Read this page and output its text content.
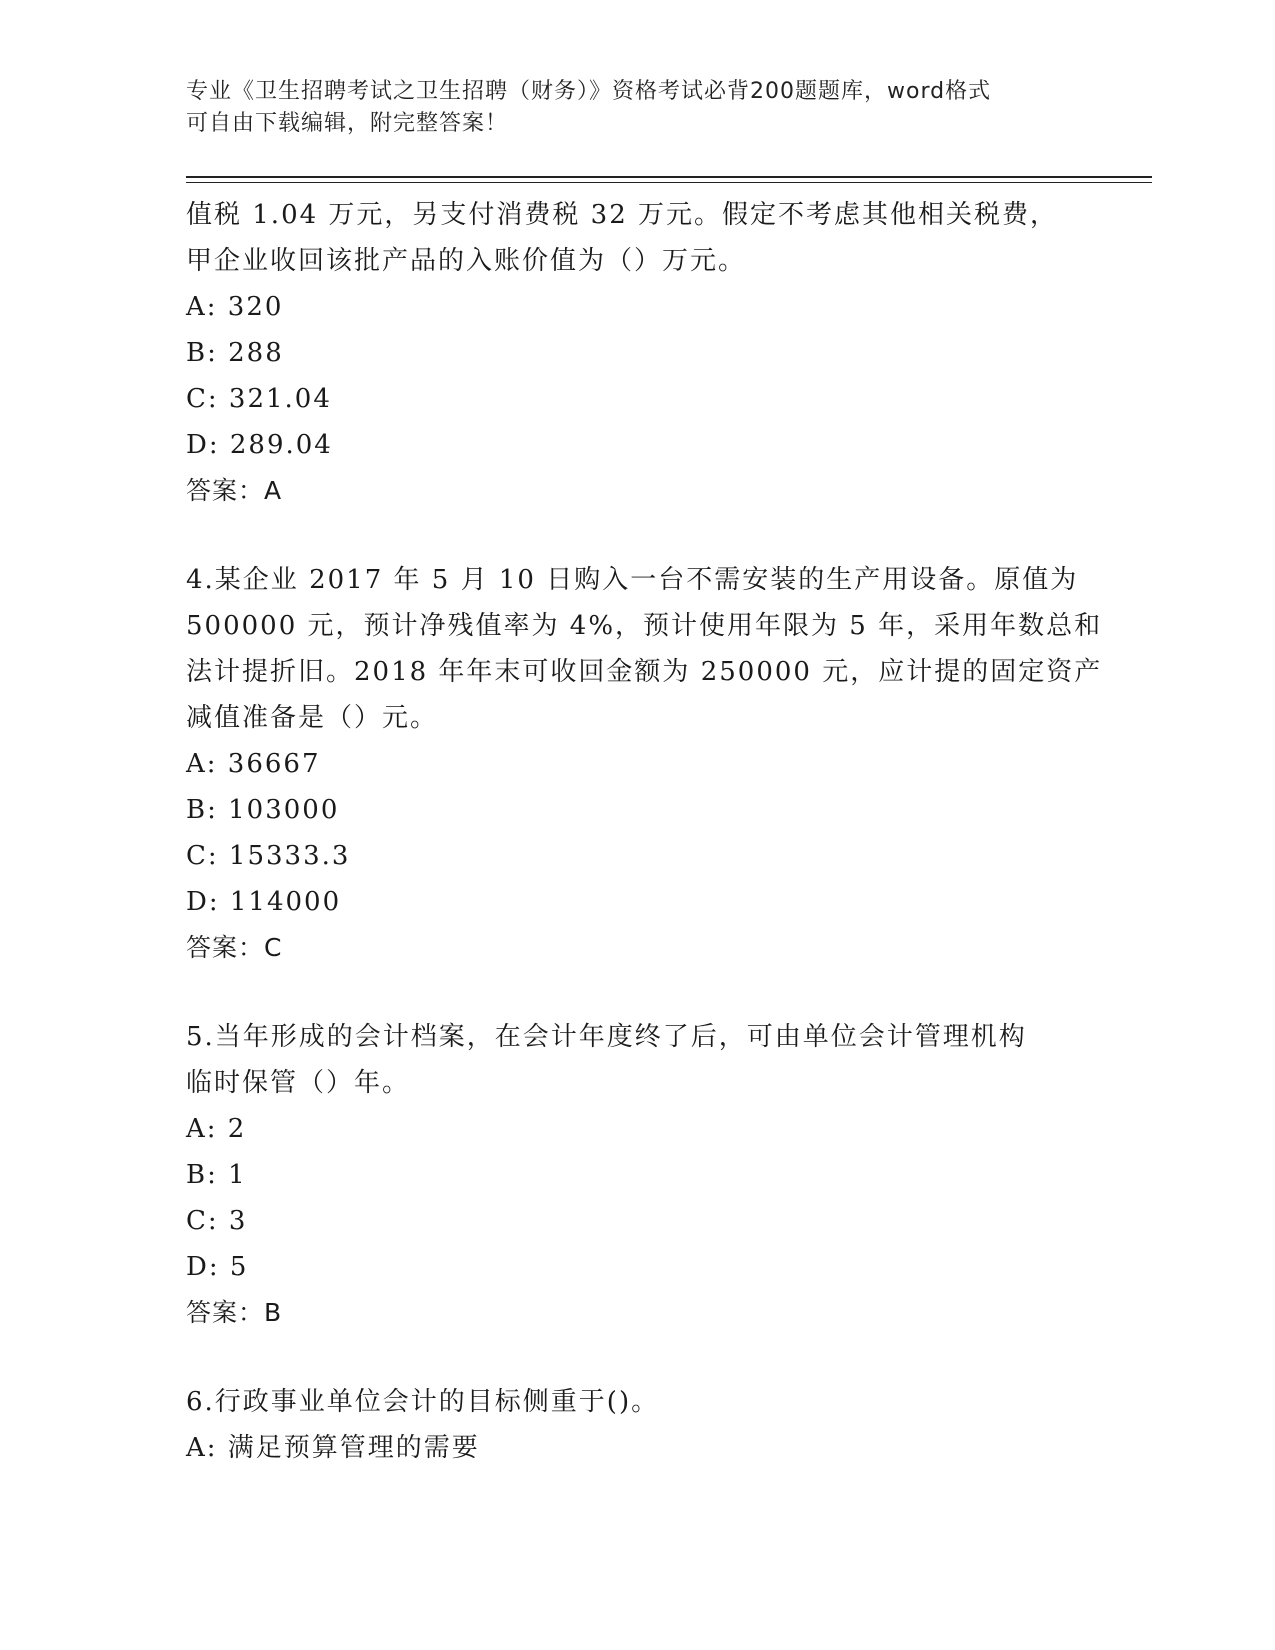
专业《卫生招聘考试之卫生招聘（财务）》资格考试必背200题题库，word格式
可自由下载编辑，附完整答案！
值税 1.04 万元，另支付消费税 32 万元。假定不考虑其他相关税费，
甲企业收回该批产品的入账价值为（）万元。
A: 320
B: 288
C: 321.04
D: 289.04
答案：A
4.某企业 2017 年 5 月 10 日购入一台不需安装的生产用设备。原值为
500000 元，预计净残值率为 4%，预计使用年限为 5 年，采用年数总和
法计提折旧。2018 年年末可收回金额为 250000 元，应计提的固定资产
减值准备是（）元。
A: 36667
B: 103000
C: 15333.3
D: 114000
答案：C
5.当年形成的会计档案，在会计年度终了后，可由单位会计管理机构
临时保管（）年。
A: 2
B: 1
C: 3
D: 5
答案：B
6.行政事业单位会计的目标侧重于()。
A: 满足预算管理的需要
